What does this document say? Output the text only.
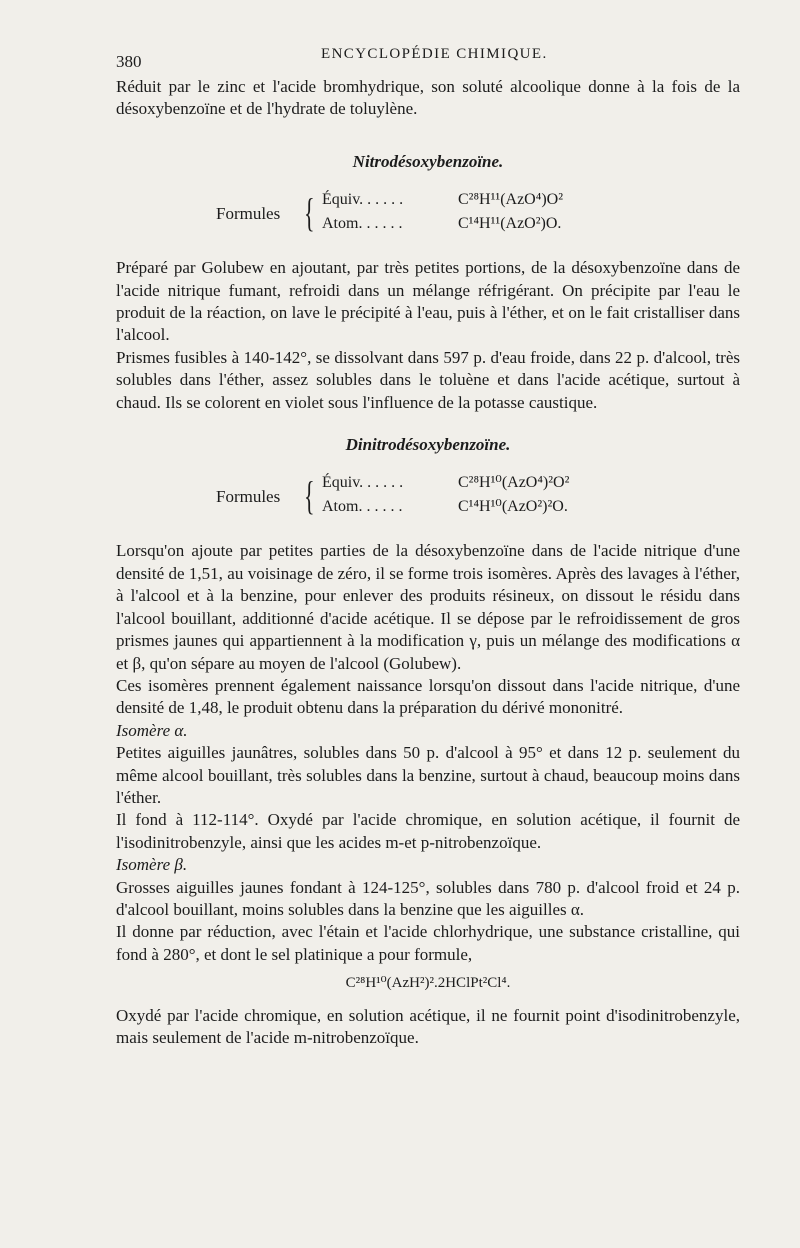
380	ENCYCLOPÉDIE CHIMIQUE.

Réduit par le zinc et l'acide bromhydrique, son soluté alcoolique donne à la fois de la désoxybenzoïne et de l'hydrate de toluylène.

Nitrodésoxybenzoïne.
Formules { Équiv. . . . . .	C²⁸H¹¹(AzO⁴)O²
Atom. . . . . .	C¹⁴H¹¹(AzO²)O.

Préparé par Golubew en ajoutant, par très petites portions, de la désoxybenzoïne dans de l'acide nitrique fumant, refroidi dans un mélange réfrigérant. On précipite par l'eau le produit de la réaction, on lave le précipité à l'eau, puis à l'éther, et on le fait cristalliser dans l'alcool.

Prismes fusibles à 140-142°, se dissolvant dans 597 p. d'eau froide, dans 22 p. d'alcool, très solubles dans l'éther, assez solubles dans le toluène et dans l'acide acétique, surtout à chaud. Ils se colorent en violet sous l'influence de la potasse caustique.

Dinitrodésoxybenzoïne.
Formules { Équiv. . . . . .	C²⁸H¹⁰(AzO⁴)²O²
Atom. . . . . .	C¹⁴H¹⁰(AzO²)²O.

Lorsqu'on ajoute par petites parties de la désoxybenzoïne dans de l'acide nitrique d'une densité de 1,51, au voisinage de zéro, il se forme trois isomères. Après des lavages à l'éther, à l'alcool et à la benzine, pour enlever des produits résineux, on dissout le résidu dans l'alcool bouillant, additionné d'acide acétique. Il se dépose par le refroidissement de gros prismes jaunes qui appartiennent à la modification γ, puis un mélange des modifications α et β, qu'on sépare au moyen de l'alcool (Golubew).

Ces isomères prennent également naissance lorsqu'on dissout dans l'acide nitrique, d'une densité de 1,48, le produit obtenu dans la préparation du dérivé mononitré.

Isomère α.

Petites aiguilles jaunâtres, solubles dans 50 p. d'alcool à 95° et dans 12 p. seulement du même alcool bouillant, très solubles dans la benzine, surtout à chaud, beaucoup moins dans l'éther.

Il fond à 112-114°. Oxydé par l'acide chromique, en solution acétique, il fournit de l'isodinitrobenzyle, ainsi que les acides m-et p-nitrobenzoïque.

Isomère β.

Grosses aiguilles jaunes fondant à 124-125°, solubles dans 780 p. d'alcool froid et 24 p. d'alcool bouillant, moins solubles dans la benzine que les aiguilles α.

Il donne par réduction, avec l'étain et l'acide chlorhydrique, une substance cristalline, qui fond à 280°, et dont le sel platinique a pour formule,

C²⁸H¹⁰(AzH²)².2HClPt²Cl⁴.

Oxydé par l'acide chromique, en solution acétique, il ne fournit point d'isodinitrobenzyle, mais seulement de l'acide m-nitrobenzoïque.
